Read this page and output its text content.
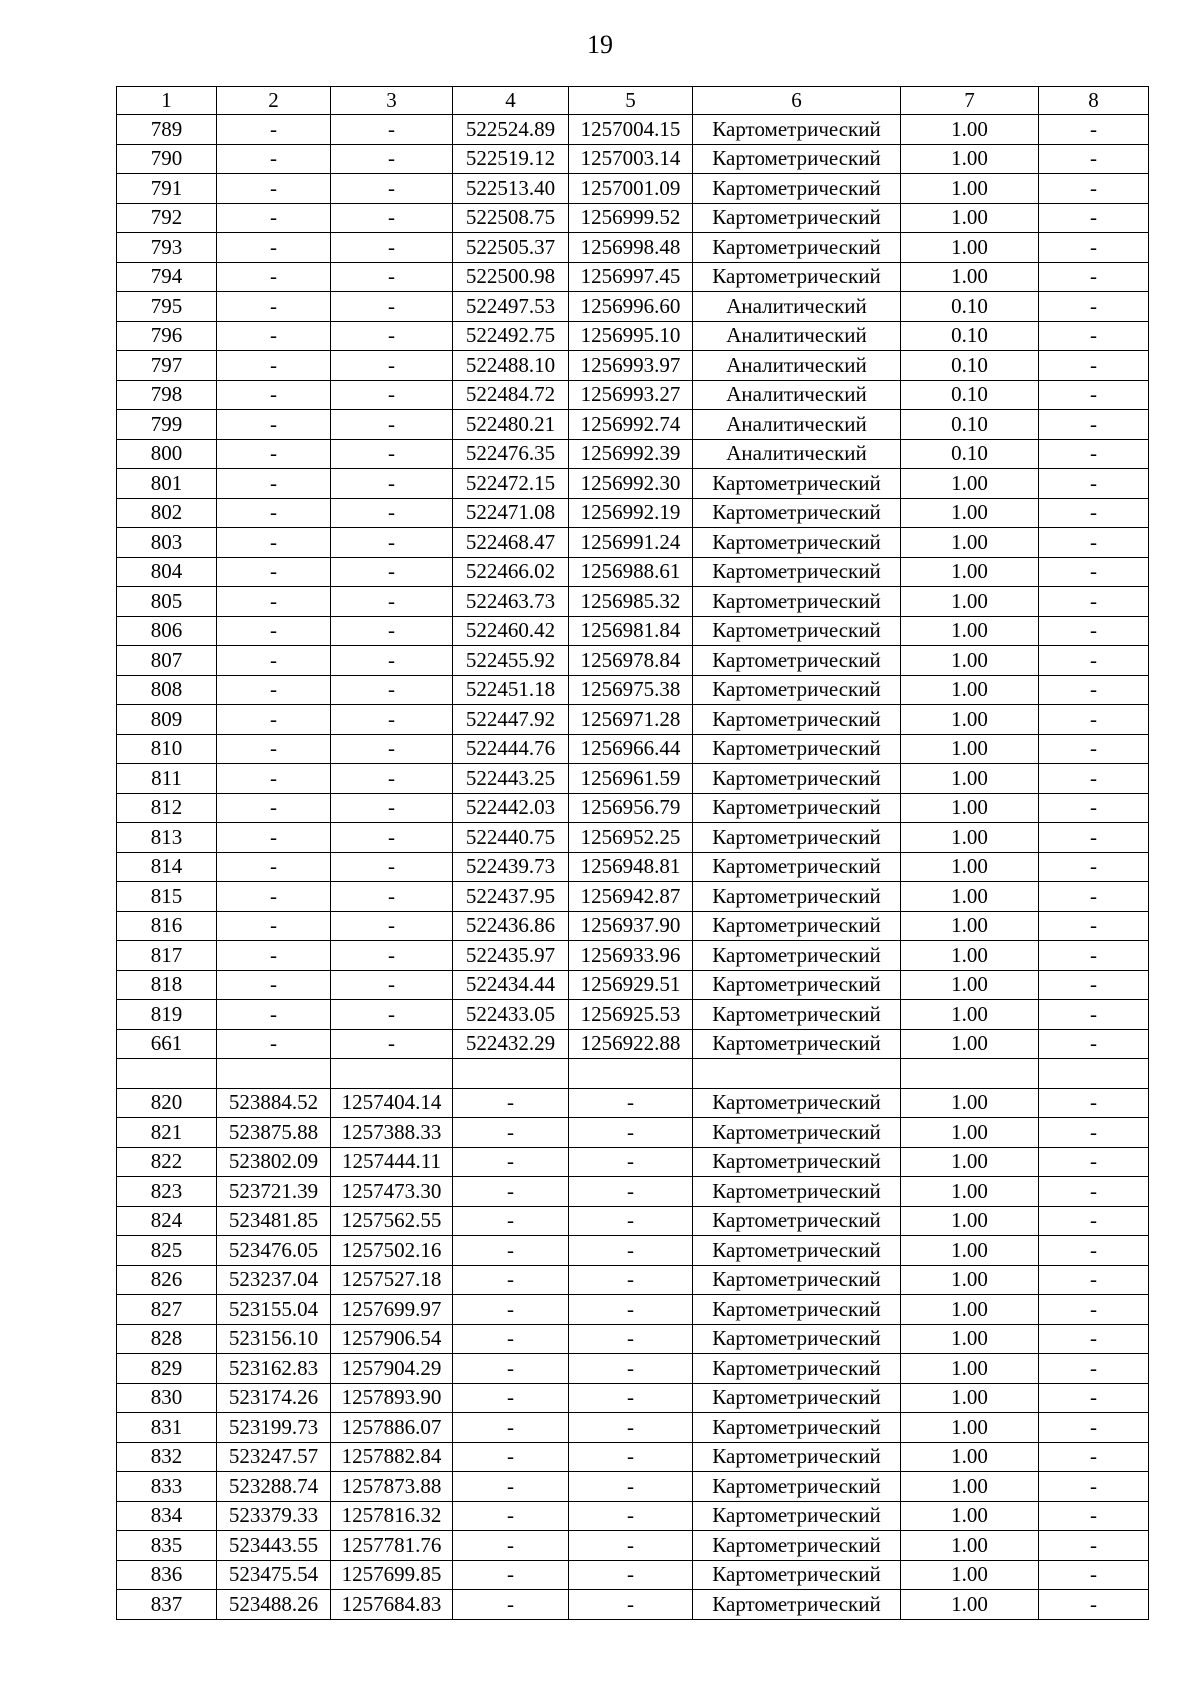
19
1	2	3	4	5	6	7	8
789	-	-	522524.89	1257004.15	Картометрический	1.00	-
790	-	-	522519.12	1257003.14	Картометрический	1.00	-
791	-	-	522513.40	1257001.09	Картометрический	1.00	-
792	-	-	522508.75	1256999.52	Картометрический	1.00	-
793	-	-	522505.37	1256998.48	Картометрический	1.00	-
794	-	-	522500.98	1256997.45	Картометрический	1.00	-
795	-	-	522497.53	1256996.60	Аналитический	0.10	-
796	-	-	522492.75	1256995.10	Аналитический	0.10	-
797	-	-	522488.10	1256993.97	Аналитический	0.10	-
798	-	-	522484.72	1256993.27	Аналитический	0.10	-
799	-	-	522480.21	1256992.74	Аналитический	0.10	-
800	-	-	522476.35	1256992.39	Аналитический	0.10	-
801	-	-	522472.15	1256992.30	Картометрический	1.00	-
802	-	-	522471.08	1256992.19	Картометрический	1.00	-
803	-	-	522468.47	1256991.24	Картометрический	1.00	-
804	-	-	522466.02	1256988.61	Картометрический	1.00	-
805	-	-	522463.73	1256985.32	Картометрический	1.00	-
806	-	-	522460.42	1256981.84	Картометрический	1.00	-
807	-	-	522455.92	1256978.84	Картометрический	1.00	-
808	-	-	522451.18	1256975.38	Картометрический	1.00	-
809	-	-	522447.92	1256971.28	Картометрический	1.00	-
810	-	-	522444.76	1256966.44	Картометрический	1.00	-
811	-	-	522443.25	1256961.59	Картометрический	1.00	-
812	-	-	522442.03	1256956.79	Картометрический	1.00	-
813	-	-	522440.75	1256952.25	Картометрический	1.00	-
814	-	-	522439.73	1256948.81	Картометрический	1.00	-
815	-	-	522437.95	1256942.87	Картометрический	1.00	-
816	-	-	522436.86	1256937.90	Картометрический	1.00	-
817	-	-	522435.97	1256933.96	Картометрический	1.00	-
818	-	-	522434.44	1256929.51	Картометрический	1.00	-
819	-	-	522433.05	1256925.53	Картометрический	1.00	-
661	-	-	522432.29	1256922.88	Картометрический	1.00	-

820	523884.52	1257404.14	-	-	Картометрический	1.00	-
821	523875.88	1257388.33	-	-	Картометрический	1.00	-
822	523802.09	1257444.11	-	-	Картометрический	1.00	-
823	523721.39	1257473.30	-	-	Картометрический	1.00	-
824	523481.85	1257562.55	-	-	Картометрический	1.00	-
825	523476.05	1257502.16	-	-	Картометрический	1.00	-
826	523237.04	1257527.18	-	-	Картометрический	1.00	-
827	523155.04	1257699.97	-	-	Картометрический	1.00	-
828	523156.10	1257906.54	-	-	Картометрический	1.00	-
829	523162.83	1257904.29	-	-	Картометрический	1.00	-
830	523174.26	1257893.90	-	-	Картометрический	1.00	-
831	523199.73	1257886.07	-	-	Картометрический	1.00	-
832	523247.57	1257882.84	-	-	Картометрический	1.00	-
833	523288.74	1257873.88	-	-	Картометрический	1.00	-
834	523379.33	1257816.32	-	-	Картометрический	1.00	-
835	523443.55	1257781.76	-	-	Картометрический	1.00	-
836	523475.54	1257699.85	-	-	Картометрический	1.00	-
837	523488.26	1257684.83	-	-	Картометрический	1.00	-
